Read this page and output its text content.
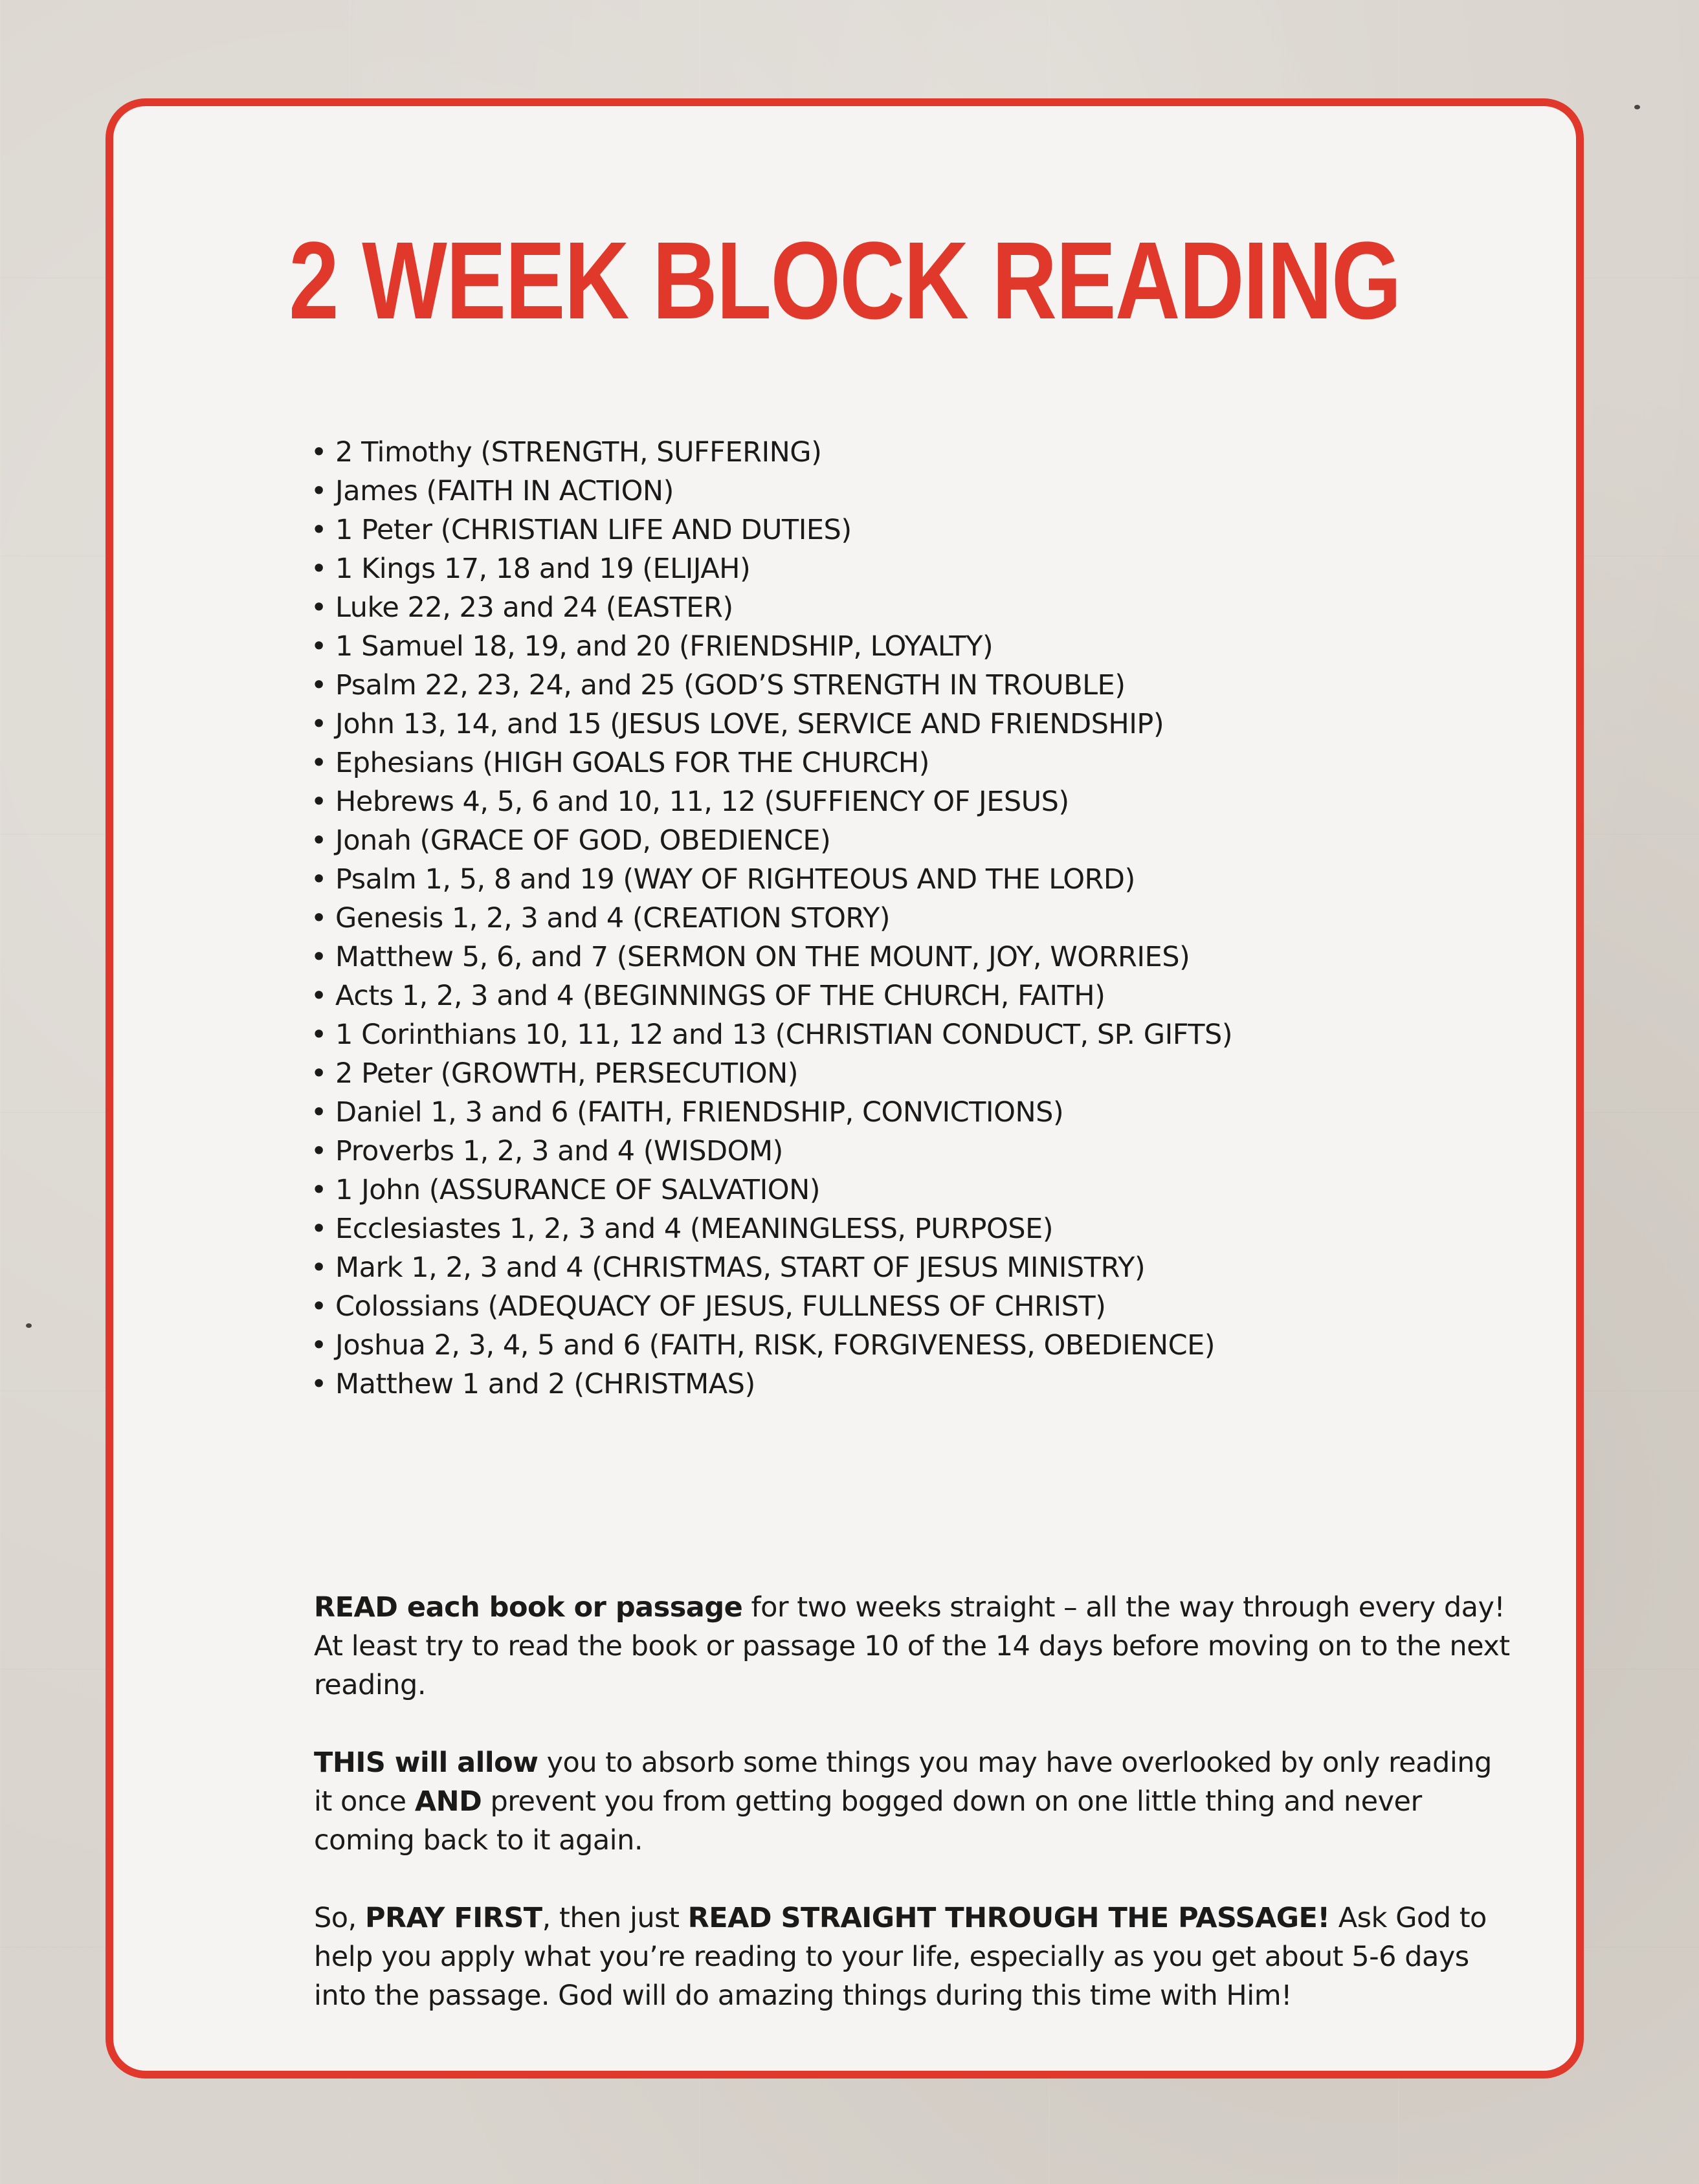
2 WEEK BLOCK READING
• 2 Timothy (STRENGTH, SUFFERING)
• James (FAITH IN ACTION)
• 1 Peter (CHRISTIAN LIFE AND DUTIES)
• 1 Kings 17, 18 and 19 (ELIJAH)
• Luke 22, 23 and 24 (EASTER)
• 1 Samuel 18, 19, and 20 (FRIENDSHIP, LOYALTY)
• Psalm 22, 23, 24, and 25 (GOD’S STRENGTH IN TROUBLE)
• John 13, 14, and 15 (JESUS LOVE, SERVICE AND FRIENDSHIP)
• Ephesians (HIGH GOALS FOR THE CHURCH)
• Hebrews 4, 5, 6 and 10, 11, 12 (SUFFIENCY OF JESUS)
• Jonah (GRACE OF GOD, OBEDIENCE)
• Psalm 1, 5, 8 and 19 (WAY OF RIGHTEOUS AND THE LORD)
• Genesis 1, 2, 3 and 4 (CREATION STORY)
• Matthew 5, 6, and 7 (SERMON ON THE MOUNT, JOY, WORRIES)
• Acts 1, 2, 3 and 4 (BEGINNINGS OF THE CHURCH, FAITH)
• 1 Corinthians 10, 11, 12 and 13 (CHRISTIAN CONDUCT, SP. GIFTS)
• 2 Peter (GROWTH, PERSECUTION)
• Daniel 1, 3 and 6 (FAITH, FRIENDSHIP, CONVICTIONS)
• Proverbs 1, 2, 3 and 4 (WISDOM)
• 1 John (ASSURANCE OF SALVATION)
• Ecclesiastes 1, 2, 3 and 4 (MEANINGLESS, PURPOSE)
• Mark 1, 2, 3 and 4 (CHRISTMAS, START OF JESUS MINISTRY)
• Colossians (ADEQUACY OF JESUS, FULLNESS OF CHRIST)
• Joshua 2, 3, 4, 5 and 6 (FAITH, RISK, FORGIVENESS, OBEDIENCE)
• Matthew 1 and 2 (CHRISTMAS)

READ each book or passage for two weeks straight – all the way through every day! At least try to read the book or passage 10 of the 14 days before moving on to the next reading.

THIS will allow you to absorb some things you may have overlooked by only reading it once AND prevent you from getting bogged down on one little thing and never coming back to it again.

So, PRAY FIRST, then just READ STRAIGHT THROUGH THE PASSAGE! Ask God to help you apply what you’re reading to your life, especially as you get about 5-6 days into the passage. God will do amazing things during this time with Him!
